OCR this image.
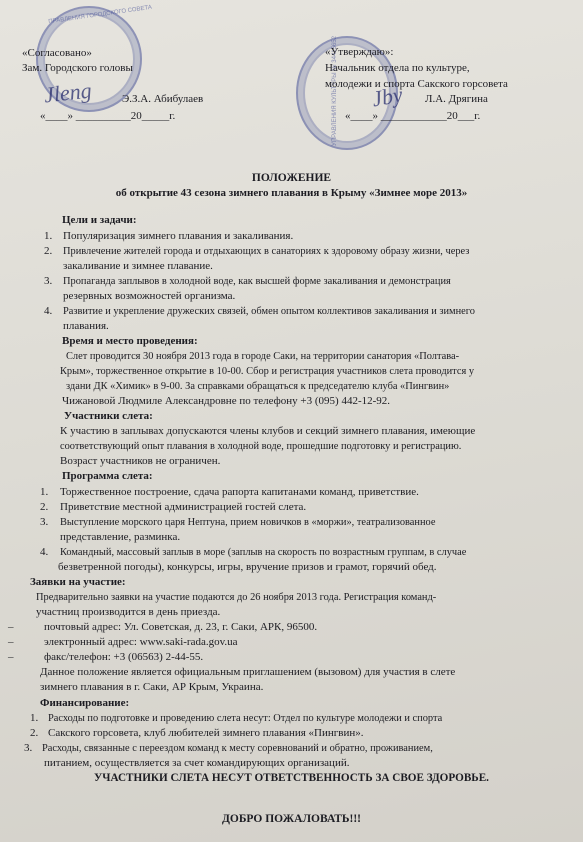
ПРАВЛЕНИЯ ГОРОДСКОГО СОВЕТА
УПРАВЛЕНИЯ КУЛЬТУРЫ № 34415652
Jleng	Jby
«Согласовано»
Зам. Городского головы
Э.З.А. Абибулаев
«____» __________20_____г.
«Утверждаю»:
Начальник отдела по культуре,
молодежи и спорта Сакского горсовета
Л.А. Дрягина
«____» ____________20___г.
ПОЛОЖЕНИЕ
об открытие 43 сезона зимнего плавания в Крыму «Зимнее море 2013»
Цели и задачи:
1. Популяризация зимнего плавания и закаливания.
2. Привлечение жителей города и отдыхающих в санаториях к здоровому образу жизни, через
закаливание и зимнее плавание.
3. Пропаганда заплывов в холодной воде, как высшей форме закаливания и демонстрация
резервных возможностей организма.
4. Развитие и укрепление дружеских связей, обмен опытом коллективов закаливания и зимнего
плавания.
Время и место проведения:
Слет проводится 30 ноября 2013 года в городе Саки, на территории санатория «Полтава-
Крым», торжественное открытие в 10-00. Сбор и регистрация участников слета проводится у
здани ДК «Химик» в 9-00. За справками обращаться к председателю клуба «Пингвин»
Чижановой Людмиле Александровне по телефону +3 (095) 442-12-92.
Участники слета:
К участию в заплывах допускаются члены клубов и секций зимнего плавания, имеющие
соответствующий опыт плавания в холодной воде, прошедшие подготовку и регистрацию.
Возраст участников не ограничен.
Программа слета:
1. Торжественное построение, сдача рапорта капитанами команд, приветствие.
2. Приветствие местной администрацией гостей слета.
3. Выступление морского царя Нептуна, прием новичков в «моржи», театрализованное
представление, разминка.
4. Командный, массовый заплыв в море (заплыв на скорость по возрастным группам, в случае
безветренной погоды), конкурсы, игры, вручение призов и грамот, горячий обед.
Заявки на участие:
Предварительно заявки на участие подаются до 26 ноября 2013 года. Регистрация команд-
участниц производится в день приезда.
–	почтовый адрес: Ул. Советская, д. 23, г. Саки, АРК, 96500.
–	электронный адрес: www.saki-rada.gov.ua
–	факс/телефон: +3 (06563) 2-44-55.
Данное положение является официальным приглашением (вызовом) для участия в слете
зимнего плавания в г. Саки, АР Крым, Украина.
Финансирование:
1. Расходы по подготовке и проведению слета несут: Отдел по культуре молодежи и спорта
2. Сакского горсовета, клуб любителей зимнего плавания «Пингвин».
3. Расходы, связанные с переездом команд к месту соревнований и обратно, проживанием,
питанием, осуществляется за счет командирующих организаций.
УЧАСТНИКИ СЛЕТА НЕСУТ ОТВЕТСТВЕННОСТЬ ЗА СВОЕ ЗДОРОВЬЕ.
ДОБРО ПОЖАЛОВАТЬ!!!
